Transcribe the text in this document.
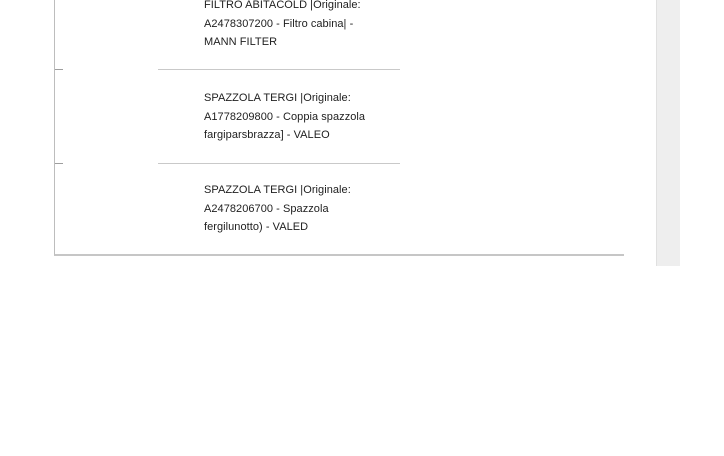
FILTRO ABITACOLD |Originale: A2478307200 - Filtro cabina| - MANN FILTER
SPAZZOLA TERGI |Originale: A1778209800 - Coppia spazzola fargiparsbrazza] - VALEO
SPAZZOLA TERGI |Originale: A2478206700 - Spazzola fergilunotto) - VALED
